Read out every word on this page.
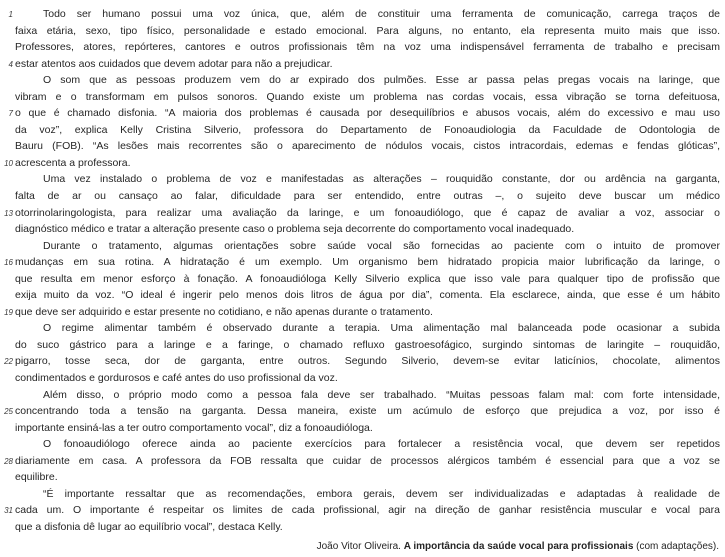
1	Todo ser humano possui uma voz única, que, além de constituir uma ferramenta de comunicação, carrega traços de
faixa etária, sexo, tipo físico, personalidade e estado emocional. Para alguns, no entanto, ela representa muito mais que isso.
Professores, atores, repórteres, cantores e outros profissionais têm na voz uma indispensável ferramenta de trabalho e precisam
4 estar atentos aos cuidados que devem adotar para não a prejudicar.
O som que as pessoas produzem vem do ar expirado dos pulmões. Esse ar passa pelas pregas vocais na laringe, que
vibram e o transformam em pulsos sonoros. Quando existe um problema nas cordas vocais, essa vibração se torna defeituosa,
7 o que é chamado disfonia. “A maioria dos problemas é causada por desequilíbrios e abusos vocais, além do excessivo e mau uso
da voz”, explica Kelly Cristina Silverio, professora do Departamento de Fonoaudiologia da Faculdade de Odontologia de
Bauru (FOB). “As lesões mais recorrentes são o aparecimento de nódulos vocais, cistos intracordais, edemas e fendas glóticas”,
10 acrescenta a professora.
Uma vez instalado o problema de voz e manifestadas as alterações – rouquidão constante, dor ou ardência na garganta,
falta de ar ou cansaço ao falar, dificuldade para ser entendido, entre outras –, o sujeito deve buscar um médico
13 otorrinolaringologista, para realizar uma avaliação da laringe, e um fonoaudiólogo, que é capaz de avaliar a voz, associar o
diagnóstico médico e tratar a alteração presente caso o problema seja decorrente do comportamento vocal inadequado.
Durante o tratamento, algumas orientações sobre saúde vocal são fornecidas ao paciente com o intuito de promover
16 mudanças em sua rotina. A hidratação é um exemplo. Um organismo bem hidratado propicia maior lubrificação da laringe, o
que resulta em menor esforço à fonação. A fonoaudióloga Kelly Silverio explica que isso vale para qualquer tipo de profissão que
exija muito da voz. “O ideal é ingerir pelo menos dois litros de água por dia”, comenta. Ela esclarece, ainda, que esse é um hábito
19 que deve ser adquirido e estar presente no cotidiano, e não apenas durante o tratamento.
O regime alimentar também é observado durante a terapia. Uma alimentação mal balanceada pode ocasionar a subida
do suco gástrico para a laringe e a faringe, o chamado refluxo gastroesofágico, surgindo sintomas de laringite – rouquidão,
22 pigarro, tosse seca, dor de garganta, entre outros. Segundo Silverio, devem-se evitar laticínios, chocolate, alimentos
condimentados e gordurosos e café antes do uso profissional da voz.
Além disso, o próprio modo como a pessoa fala deve ser trabalhado. “Muitas pessoas falam mal: com forte intensidade,
25 concentrando toda a tensão na garganta. Dessa maneira, existe um acúmulo de esforço que prejudica a voz, por isso é
importante ensiná-las a ter outro comportamento vocal”, diz a fonoaudióloga.
O fonoaudiólogo oferece ainda ao paciente exercícios para fortalecer a resistência vocal, que devem ser repetidos
28 diariamente em casa. A professora da FOB ressalta que cuidar de processos alérgicos também é essencial para que a voz se
equilibre.
“É importante ressaltar que as recomendações, embora gerais, devem ser individualizadas e adaptadas à realidade de
31 cada um. O importante é respeitar os limites de cada profissional, agir na direção de ganhar resistência muscular e vocal para
que a disfonia dê lugar ao equilíbrio vocal”, destaca Kelly.
João Vitor Oliveira. A importância da saúde vocal para profissionais (com adaptações).
